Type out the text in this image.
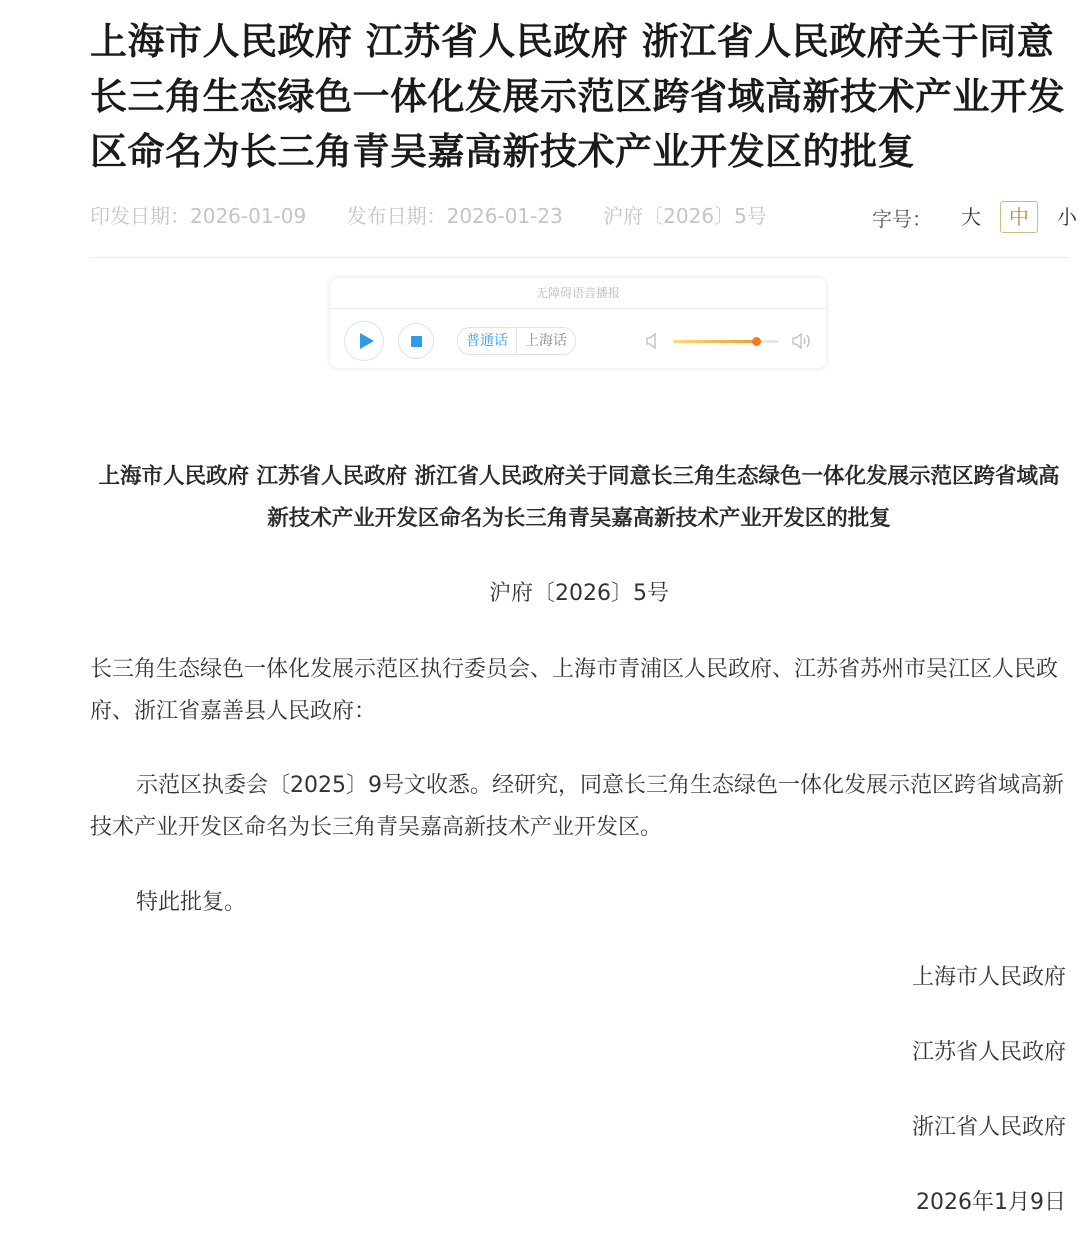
上海市人民政府 江苏省人民政府 浙江省人民政府关于同意长三角生态绿色一体化发展示范区跨省域高新技术产业开发区命名为长三角青吴嘉高新技术产业开发区的批复
印发日期：2026-01-09 发布日期：2026-01-23 沪府〔2026〕5号	字号：	大	中	小
无障碍语音播报
普通话	上海话
上海市人民政府 江苏省人民政府 浙江省人民政府关于同意长三角生态绿色一体化发展示范区跨省域高新技术产业开发区命名为长三角青吴嘉高新技术产业开发区的批复
沪府〔2026〕5号

长三角生态绿色一体化发展示范区执行委员会、上海市青浦区人民政府、江苏省苏州市吴江区人民政府、浙江省嘉善县人民政府：

示范区执委会〔2025〕9号文收悉。经研究，同意长三角生态绿色一体化发展示范区跨省域高新技术产业开发区命名为长三角青吴嘉高新技术产业开发区。

特此批复。

上海市人民政府
江苏省人民政府
浙江省人民政府
2026年1月9日
